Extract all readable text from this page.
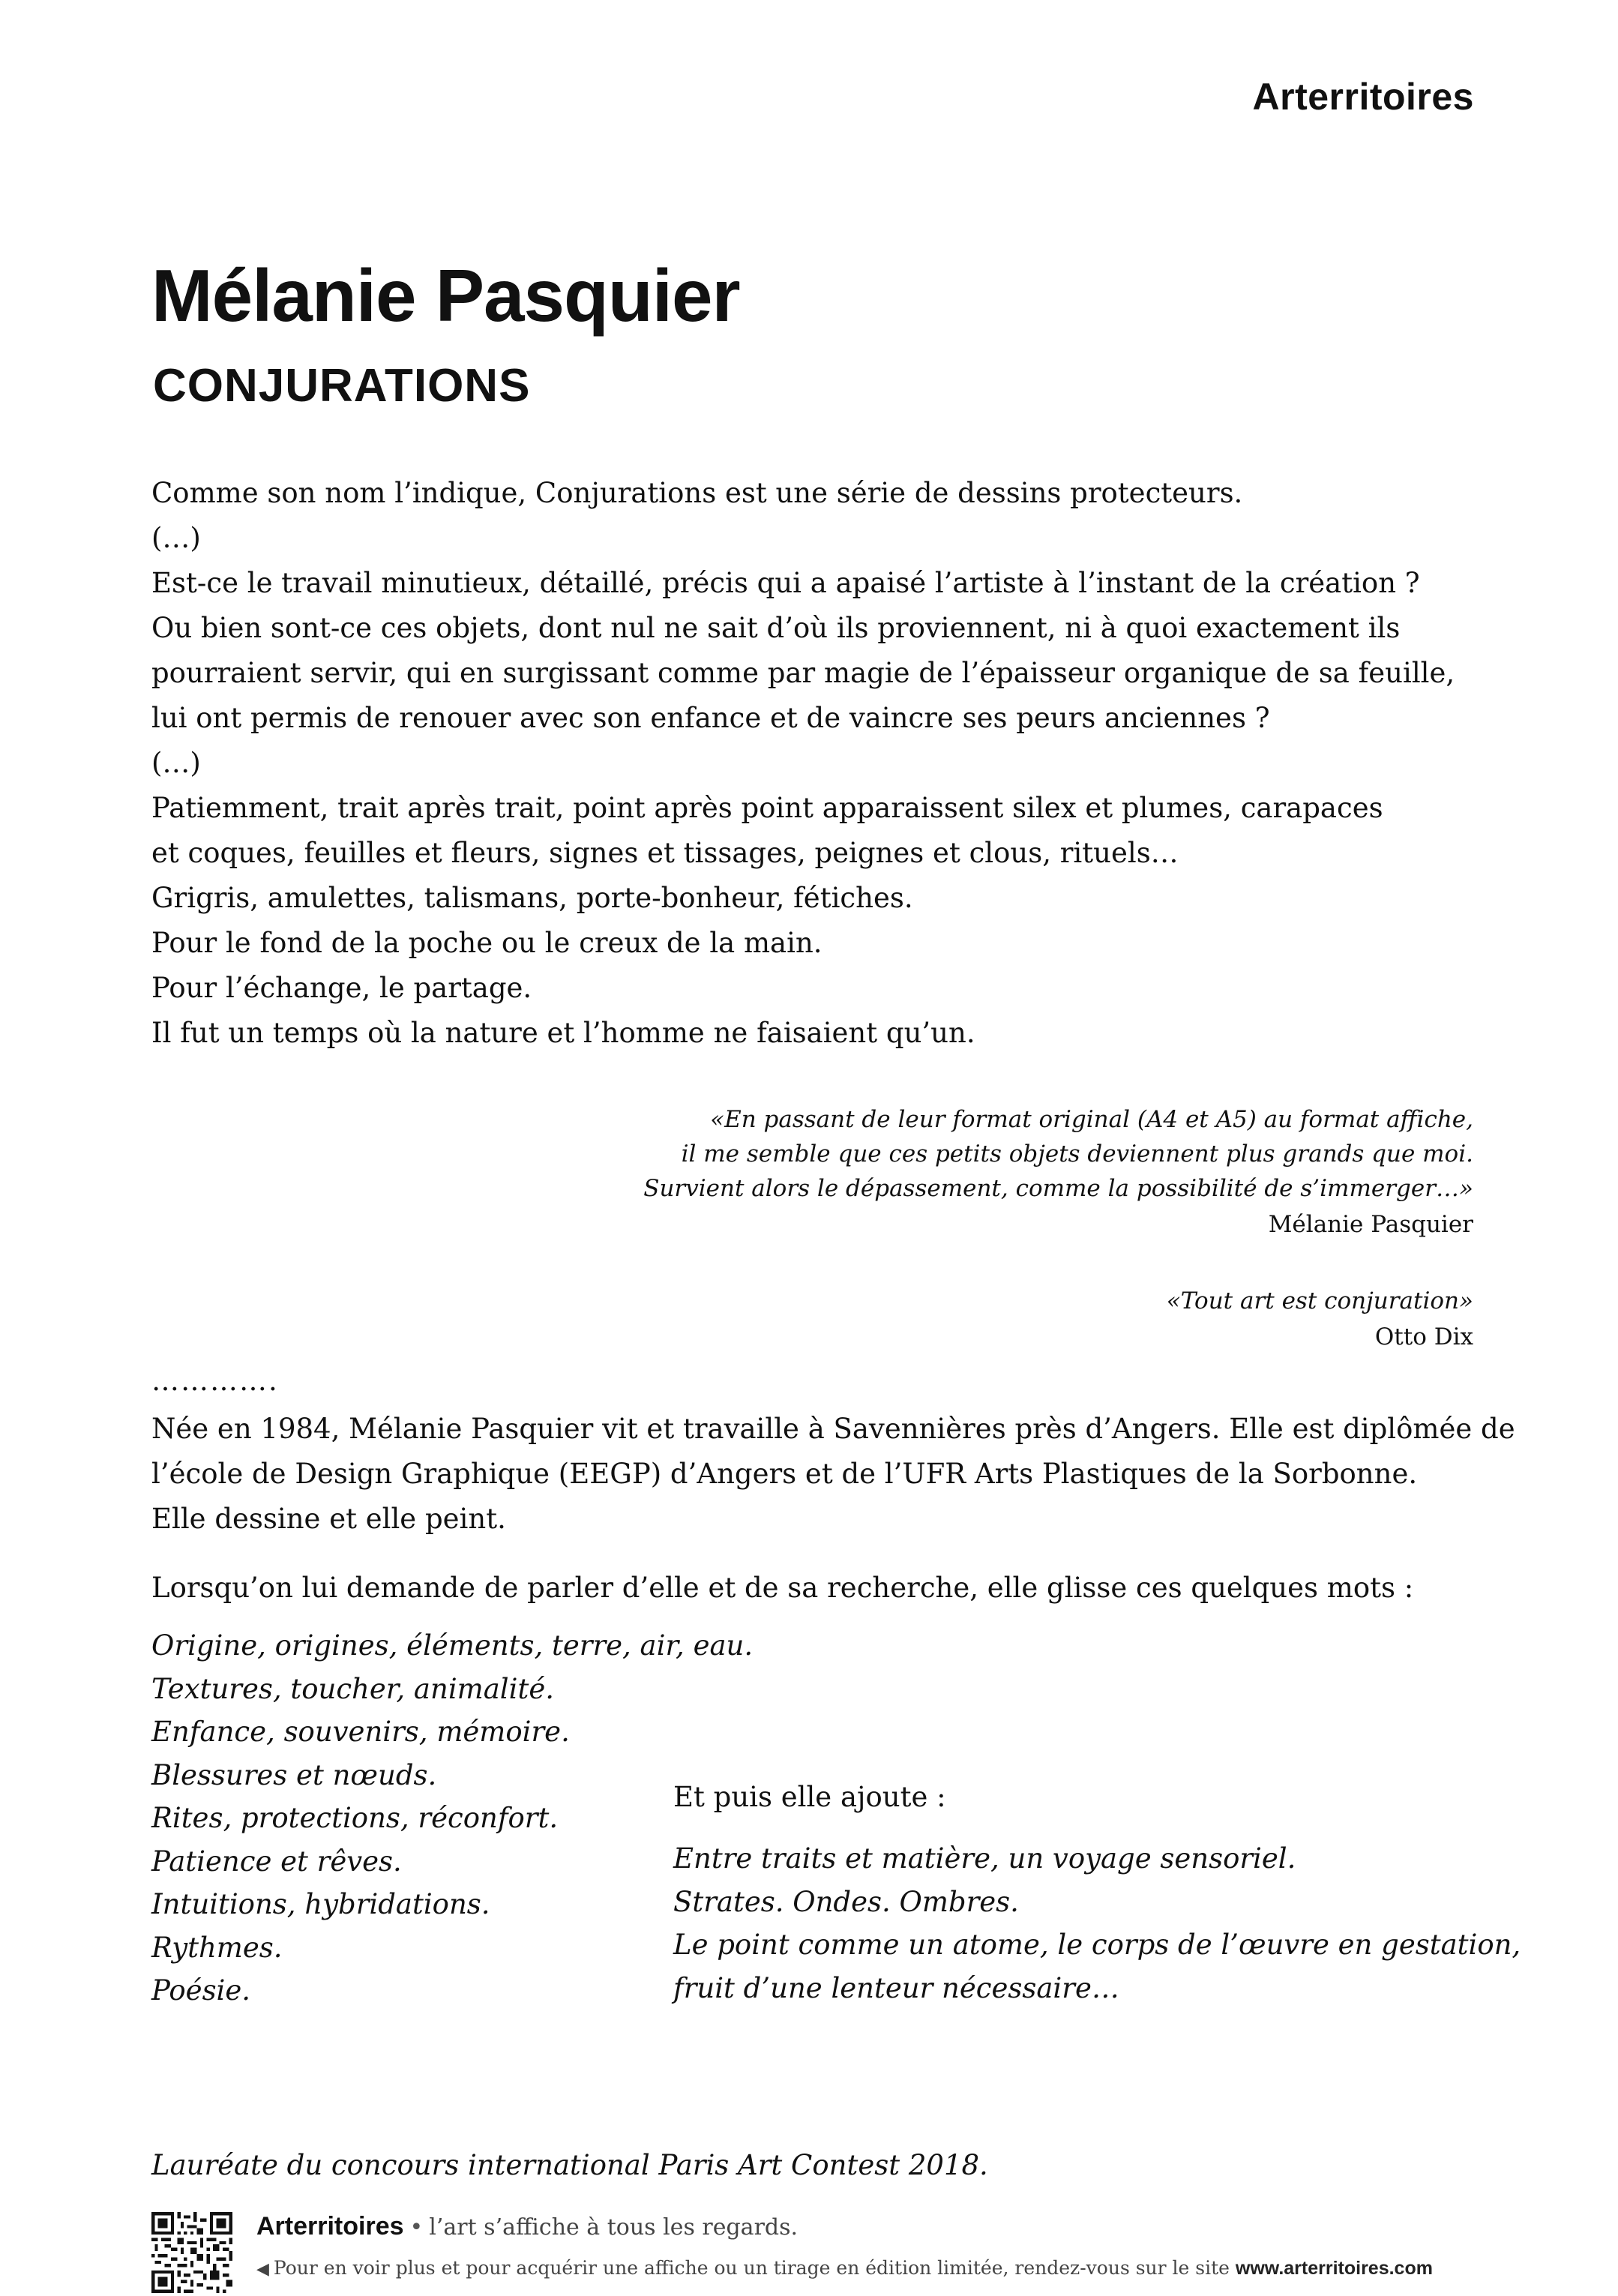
Arterritoires
Mélanie Pasquier
CONJURATIONS
Comme son nom l’indique, Conjurations est une série de dessins protecteurs.
(…)
Est-ce le travail minutieux, détaillé, précis qui a apaisé l’artiste à l’instant de la création ?
Ou bien sont-ce ces objets, dont nul ne sait d’où ils proviennent, ni à quoi exactement ils
pourraient servir, qui en surgissant comme par magie de l’épaisseur organique de sa feuille,
lui ont permis de renouer avec son enfance et de vaincre ses peurs anciennes ?
(…)
Patiemment, trait après trait, point après point apparaissent silex et plumes, carapaces
et coques, feuilles et fleurs, signes et tissages, peignes et clous, rituels…
Grigris, amulettes, talismans, porte-bonheur, fétiches.
Pour le fond de la poche ou le creux de la main.
Pour l’échange, le partage.
Il fut un temps où la nature et l’homme ne faisaient qu’un.
«En passant de leur format original (A4 et A5) au format affiche,
il me semble que ces petits objets deviennent plus grands que moi.
Survient alors le dépassement, comme la possibilité de s’immerger…»
Mélanie Pasquier
«Tout art est conjuration»
Otto Dix
………….
Née en 1984, Mélanie Pasquier vit et travaille à Savennières près d’Angers. Elle est diplômée de
l’école de Design Graphique (EEGP) d’Angers et de l’UFR Arts Plastiques de la Sorbonne.
Elle dessine et elle peint.
Lorsqu’on lui demande de parler d’elle et de sa recherche, elle glisse ces quelques mots :
Origine, origines, éléments, terre, air, eau.
Textures, toucher, animalité.
Enfance, souvenirs, mémoire.
Blessures et nœuds.
Rites, protections, réconfort.
Patience et rêves.
Intuitions, hybridations.
Rythmes.
Poésie.
Et puis elle ajoute :
Entre traits et matière, un voyage sensoriel.
Strates. Ondes. Ombres.
Le point comme un atome, le corps de l’œuvre en gestation,
fruit d’une lenteur nécessaire…
Lauréate du concours international Paris Art Contest 2018.
Arterritoires • l’art s’affiche à tous les regards.
◀ Pour en voir plus et pour acquérir une affiche ou un tirage en édition limitée, rendez-vous sur le site www.arterritoires.com
